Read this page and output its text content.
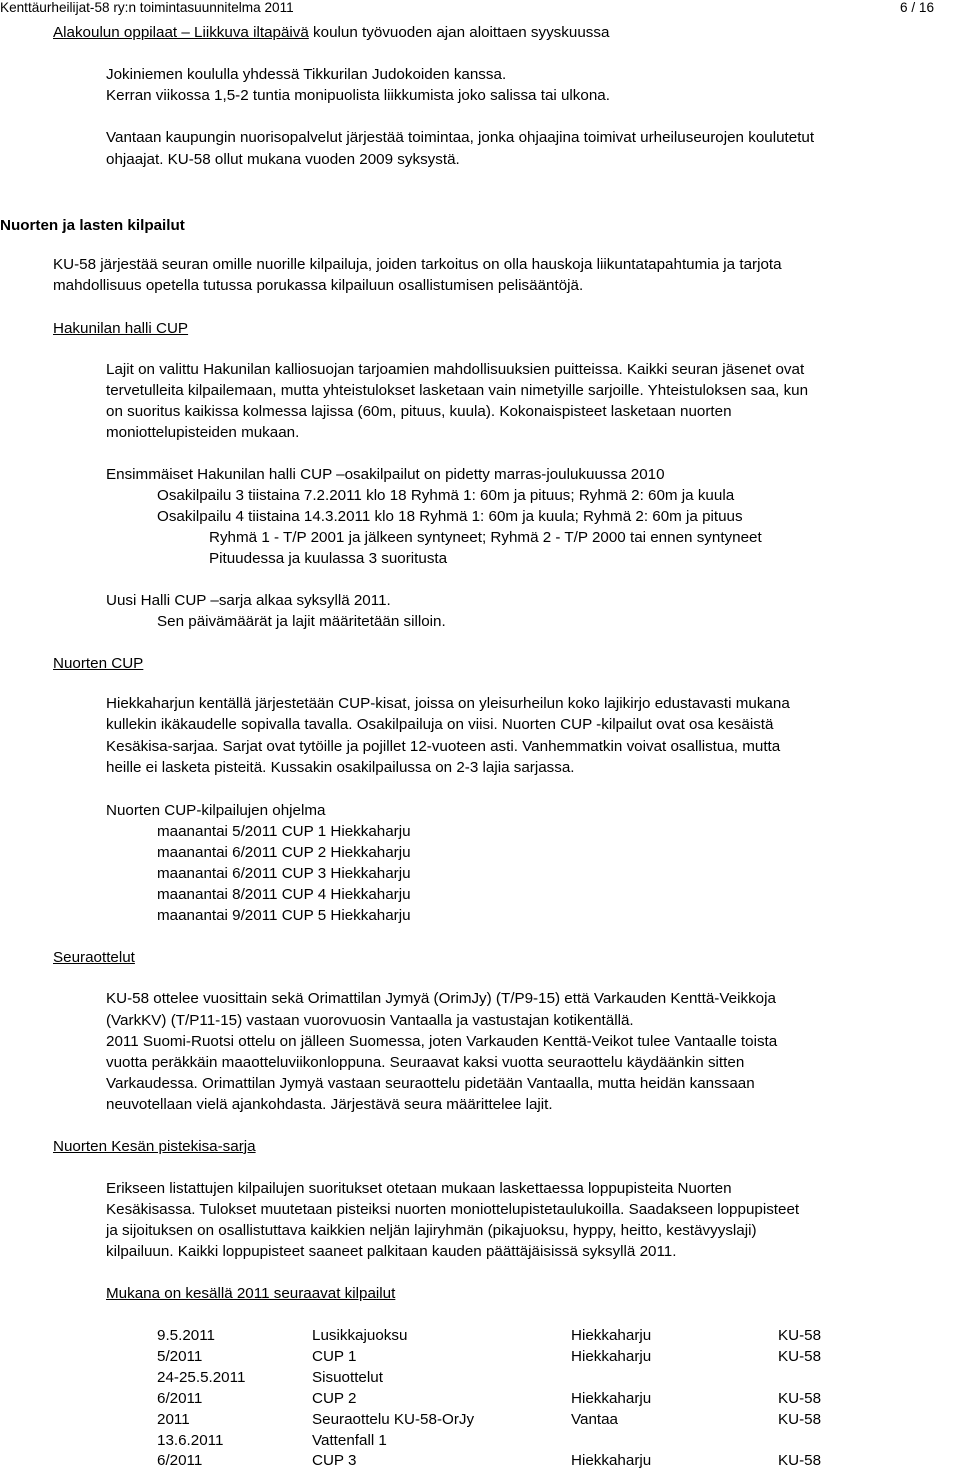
Kenttäurheilijat-58 ry:n toimintasuunnitelma 2011	6 / 16
Alakoulun oppilaat – Liikkuva iltapäivä koulun työvuoden ajan aloittaen syyskuussa
Jokiniemen koululla yhdessä Tikkurilan Judokoiden kanssa.
Kerran viikossa 1,5-2 tuntia monipuolista liikkumista joko salissa tai ulkona.
Vantaan kaupungin nuorisopalvelut järjestää toimintaa, jonka ohjaajina toimivat urheiluseurojen koulutetut
ohjaajat. KU-58 ollut mukana vuoden 2009 syksystä.
Nuorten ja lasten kilpailut
KU-58 järjestää seuran omille nuorille kilpailuja, joiden tarkoitus on olla hauskoja liikuntatapahtumia ja tarjota
mahdollisuus opetella tutussa porukassa kilpailuun osallistumisen pelisääntöjä.
Hakunilan halli CUP
Lajit on valittu Hakunilan kalliosuojan tarjoamien mahdollisuuksien puitteissa. Kaikki seuran jäsenet ovat
tervetulleita kilpailemaan, mutta yhteistulokset lasketaan vain nimetyille sarjoille. Yhteistuloksen saa, kun
on suoritus kaikissa kolmessa lajissa (60m, pituus, kuula). Kokonaispisteet lasketaan nuorten
moniottelupisteiden mukaan.
Ensimmäiset Hakunilan halli CUP –osakilpailut on pidetty marras-joulukuussa 2010
Osakilpailu 3 tiistaina 7.2.2011 klo 18 Ryhmä 1: 60m ja pituus; Ryhmä 2: 60m ja kuula
Osakilpailu 4 tiistaina 14.3.2011 klo 18 Ryhmä 1: 60m ja kuula; Ryhmä 2: 60m ja pituus
Ryhmä 1 - T/P 2001 ja jälkeen syntyneet; Ryhmä 2 - T/P 2000 tai ennen syntyneet
Pituudessa ja kuulassa 3 suoritusta
Uusi Halli CUP –sarja alkaa syksyllä 2011.
Sen päivämäärät ja lajit määritetään silloin.
Nuorten CUP
Hiekkaharjun kentällä järjestetään CUP-kisat, joissa on yleisurheilun koko lajikirjo edustavasti mukana
kullekin ikäkaudelle sopivalla tavalla. Osakilpailuja on viisi. Nuorten CUP -kilpailut ovat osa kesäistä
Kesäkisa-sarjaa. Sarjat ovat tytöille ja pojillet 12-vuoteen asti. Vanhemmatkin voivat osallistua, mutta
heille ei lasketa pisteitä. Kussakin osakilpailussa on 2-3 lajia sarjassa.
Nuorten CUP-kilpailujen ohjelma
maanantai 5/2011 CUP 1 Hiekkaharju
maanantai 6/2011 CUP 2 Hiekkaharju
maanantai 6/2011 CUP 3 Hiekkaharju
maanantai 8/2011 CUP 4 Hiekkaharju
maanantai 9/2011 CUP 5 Hiekkaharju
Seuraottelut
KU-58 ottelee vuosittain sekä Orimattilan Jymyä (OrimJy) (T/P9-15) että Varkauden Kenttä-Veikkoja
(VarkKV) (T/P11-15) vastaan vuorovuosin Vantaalla ja vastustajan kotikentällä.
2011 Suomi-Ruotsi ottelu on jälleen Suomessa, joten Varkauden Kenttä-Veikot tulee Vantaalle toista
vuotta peräkkäin maaotteluviikonloppuna. Seuraavat kaksi vuotta seuraottelu käydäänkin sitten
Varkaudessa. Orimattilan Jymyä vastaan seuraottelu pidetään Vantaalla, mutta heidän kanssaan
neuvotellaan vielä ajankohdasta. Järjestävä seura määrittelee lajit.
Nuorten Kesän pistekisa-sarja
Erikseen listattujen kilpailujen suoritukset otetaan mukaan laskettaessa loppupisteita Nuorten
Kesäkisassa. Tulokset muutetaan pisteiksi nuorten moniottelupistetaulukoilla. Saadakseen loppupisteet
ja sijoituksen on osallistuttava kaikkien neljän lajiryhmän (pikajuoksu, hyppy, heitto, kestävyyslaji)
kilpailuun. Kaikki loppupisteet saaneet palkitaan kauden päättäjäisissä syksyllä 2011.
Mukana on kesällä 2011 seuraavat kilpailut
9.5.2011	Lusikkajuoksu	Hiekkaharju	KU-58
5/2011	CUP 1	Hiekkaharju	KU-58
24-25.5.2011	Sisuottelut
6/2011	CUP 2	Hiekkaharju	KU-58
2011	Seuraottelu KU-58-OrJy	Vantaa	KU-58
13.6.2011	Vattenfall 1
6/2011	CUP 3	Hiekkaharju	KU-58
